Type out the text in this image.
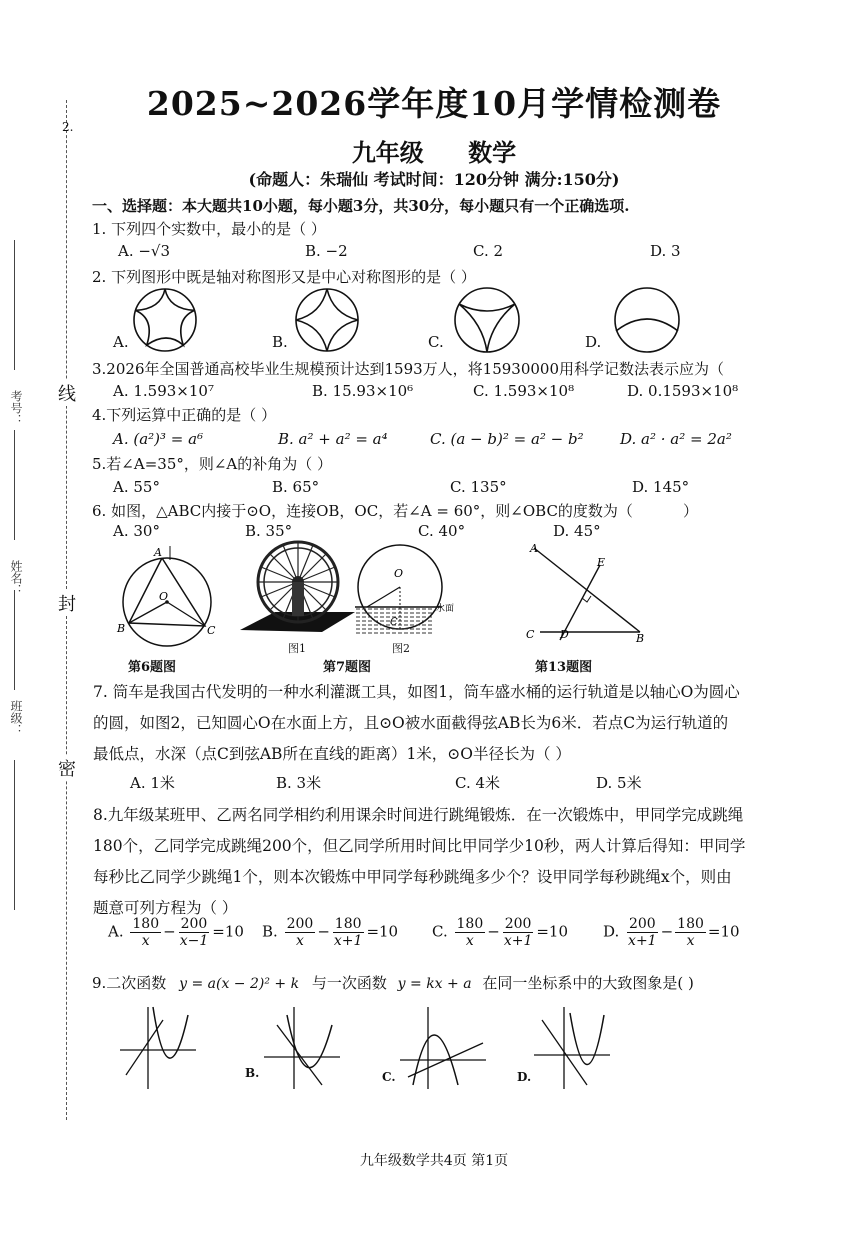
2.
线
封
密
考号：
姓名：
班级：
2025~2026学年度10月学情检测卷
九年级 数学
(命题人：朱瑞仙 考试时间：120分钟 满分:150分)
一、选择题：本大题共10小题，每小题3分，共30分，每小题只有一个正确选项.
1. 下列四个实数中，最小的是（ ）
A. −√3	B. −2	C. 2	D. 3
2. 下列图形中既是轴对称图形又是中心对称图形的是（ ）
A.	B.	C.	D.
3.2026年全国普通高校毕业生规模预计达到1593万人，将15930000用科学记数法表示应为（
A. 1.593×10⁷	B. 15.93×10⁶	C. 1.593×10⁸	D. 0.1593×10⁸
4.下列运算中正确的是（ ）
A. (a²)³ = a⁶	B. a² + a² = a⁴	C. (a − b)² = a² − b² D. a² · a² = 2a²
5.若∠A=35°，则∠A的补角为（ ）
A. 55°	B. 65°	C. 135°	D. 145°
6. 如图，△ABC内接于⊙O，连接OB，OC，若∠A = 60°，则∠OBC的度数为（	）
A. 30°	B. 35°	C. 40°	D. 45°
A
O
B	C
第6题图
图1
O
C
水面
图2
第7题图
A
E
C D	B
第13题图
7. 筒车是我国古代发明的一种水利灌溉工具，如图1，筒车盛水桶的运行轨道是以轴心O为圆心
的圆，如图2，已知圆心O在水面上方，且⊙O被水面截得弦AB长为6米．若点C为运行轨道的
最低点，水深（点C到弦AB所在直线的距离）1米，⊙O半径长为（ ）
A. 1米	B. 3米	C. 4米	D. 5米
8.九年级某班甲、乙两名同学相约利用课余时间进行跳绳锻炼．在一次锻炼中，甲同学完成跳绳
180个，乙同学完成跳绳200个，但乙同学所用时间比甲同学少10秒，两人计算后得知：甲同学
每秒比乙同学少跳绳1个，则本次锻炼中甲同学每秒跳绳多少个？设甲同学每秒跳绳x个，则由
题意可列方程为（ ）
A. $\frac{180}{x} - \frac{200}{x-1} =10$ B. $\frac{200}{x} - \frac{180}{x+1} =10$ C. $\frac{180}{x} - \frac{200}{x+1} =10$ D. $\frac{200}{x+1} - \frac{180}{x} =10$
9.二次函数 y = a(x − 2)² + k 与一次函数 y = kx + a 在同一坐标系中的大致图象是( )
B.	C.	D.
九年级数学共4页 第1页
